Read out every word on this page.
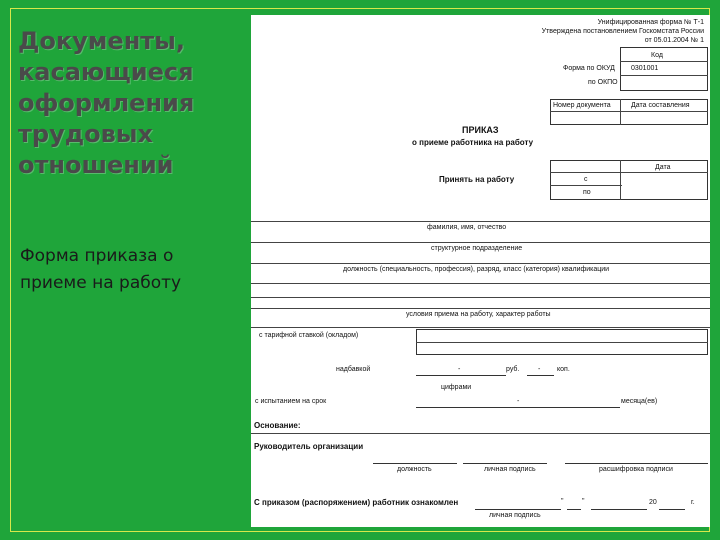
Документы,
касающиеся
оформления
трудовых
отношений
Форма приказа о приеме на работу
Унифицированная форма № Т-1
Утверждена постановлением Госкомстата России
от 05.01.2004 № 1
Код
Форма по ОКУД 0301001
по ОКПО
Номер документа	Дата составления
ПРИКАЗ
о приеме работника на работу
Дата
Принять на работу	с
по
фамилия, имя, отчество
структурное подразделение
должность (специальность, профессия), разряд, класс (категория) квалификации
условия приема на работу, характер работы
с тарифной ставкой (окладом)
надбавкой	-	руб.	- коп.
цифрами
с испытанием на срок	-	месяца(ев)
Основание:
Руководитель организации
должность	личная подпись	расшифровка подписи
С приказом (распоряжением) работник ознакомлен	"	"	20	г.
личная подпись
